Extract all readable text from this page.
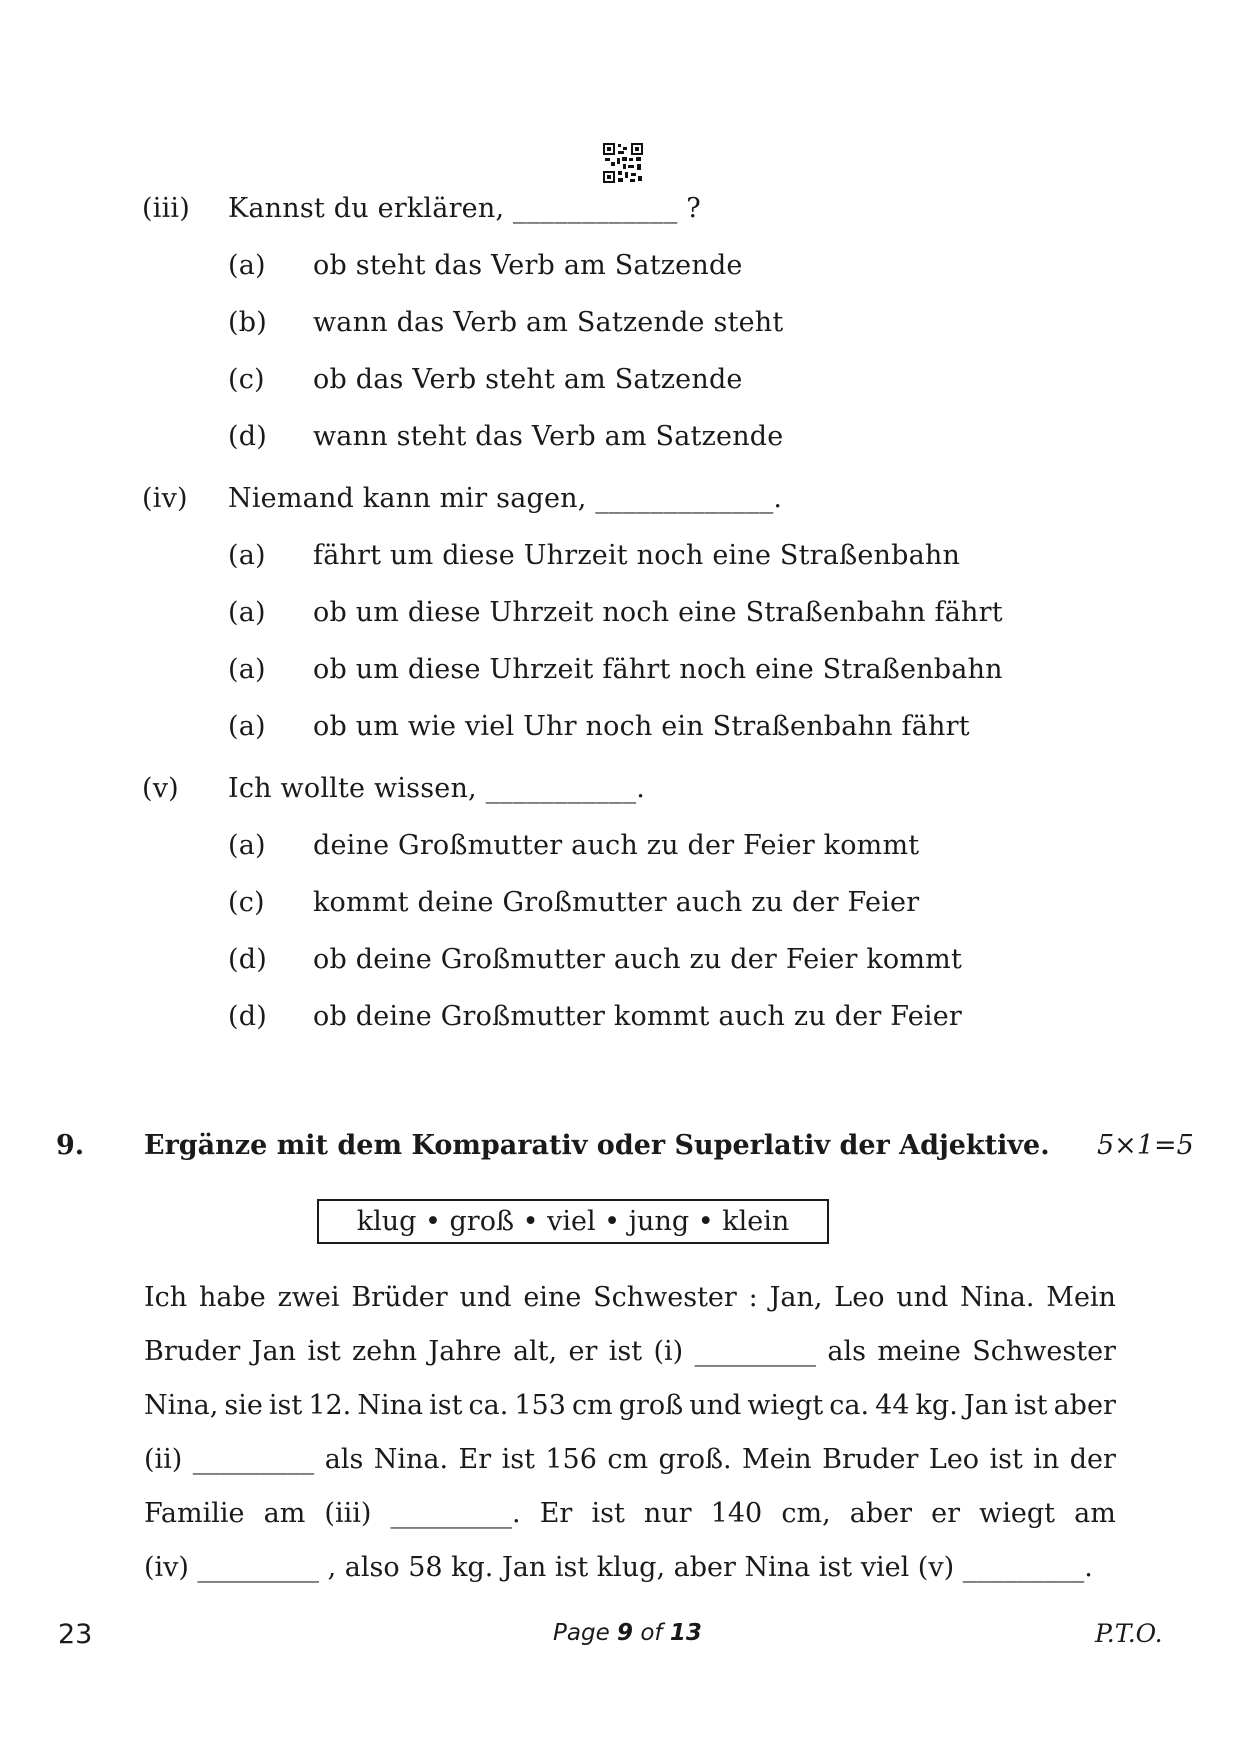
(iii) Kannst du erklären, ____________ ?
(a) ob steht das Verb am Satzende
(b) wann das Verb am Satzende steht
(c) ob das Verb steht am Satzende
(d) wann steht das Verb am Satzende
(iv) Niemand kann mir sagen, _____________.
(a) fährt um diese Uhrzeit noch eine Straßenbahn
(a) ob um diese Uhrzeit noch eine Straßenbahn fährt
(a) ob um diese Uhrzeit fährt noch eine Straßenbahn
(a) ob um wie viel Uhr noch ein Straßenbahn fährt
(v) Ich wollte wissen, ___________.
(a) deine Großmutter auch zu der Feier kommt
(c) kommt deine Großmutter auch zu der Feier
(d) ob deine Großmutter auch zu der Feier kommt
(d) ob deine Großmutter kommt auch zu der Feier
9. Ergänze mit dem Komparativ oder Superlativ der Adjektive. 5×1=5
klug • groß • viel • jung • klein
Ich habe zwei Brüder und eine Schwester : Jan, Leo und Nina. Mein
Bruder Jan ist zehn Jahre alt, er ist (i) _________ als meine Schwester
Nina, sie ist 12. Nina ist ca. 153 cm groß und wiegt ca. 44 kg. Jan ist aber
(ii) _________ als Nina. Er ist 156 cm groß. Mein Bruder Leo ist in der
Familie am (iii) _________. Er ist nur 140 cm, aber er wiegt am
(iv) _________ , also 58 kg. Jan ist klug, aber Nina ist viel (v) _________.
23	Page 9 of 13	P.T.O.
